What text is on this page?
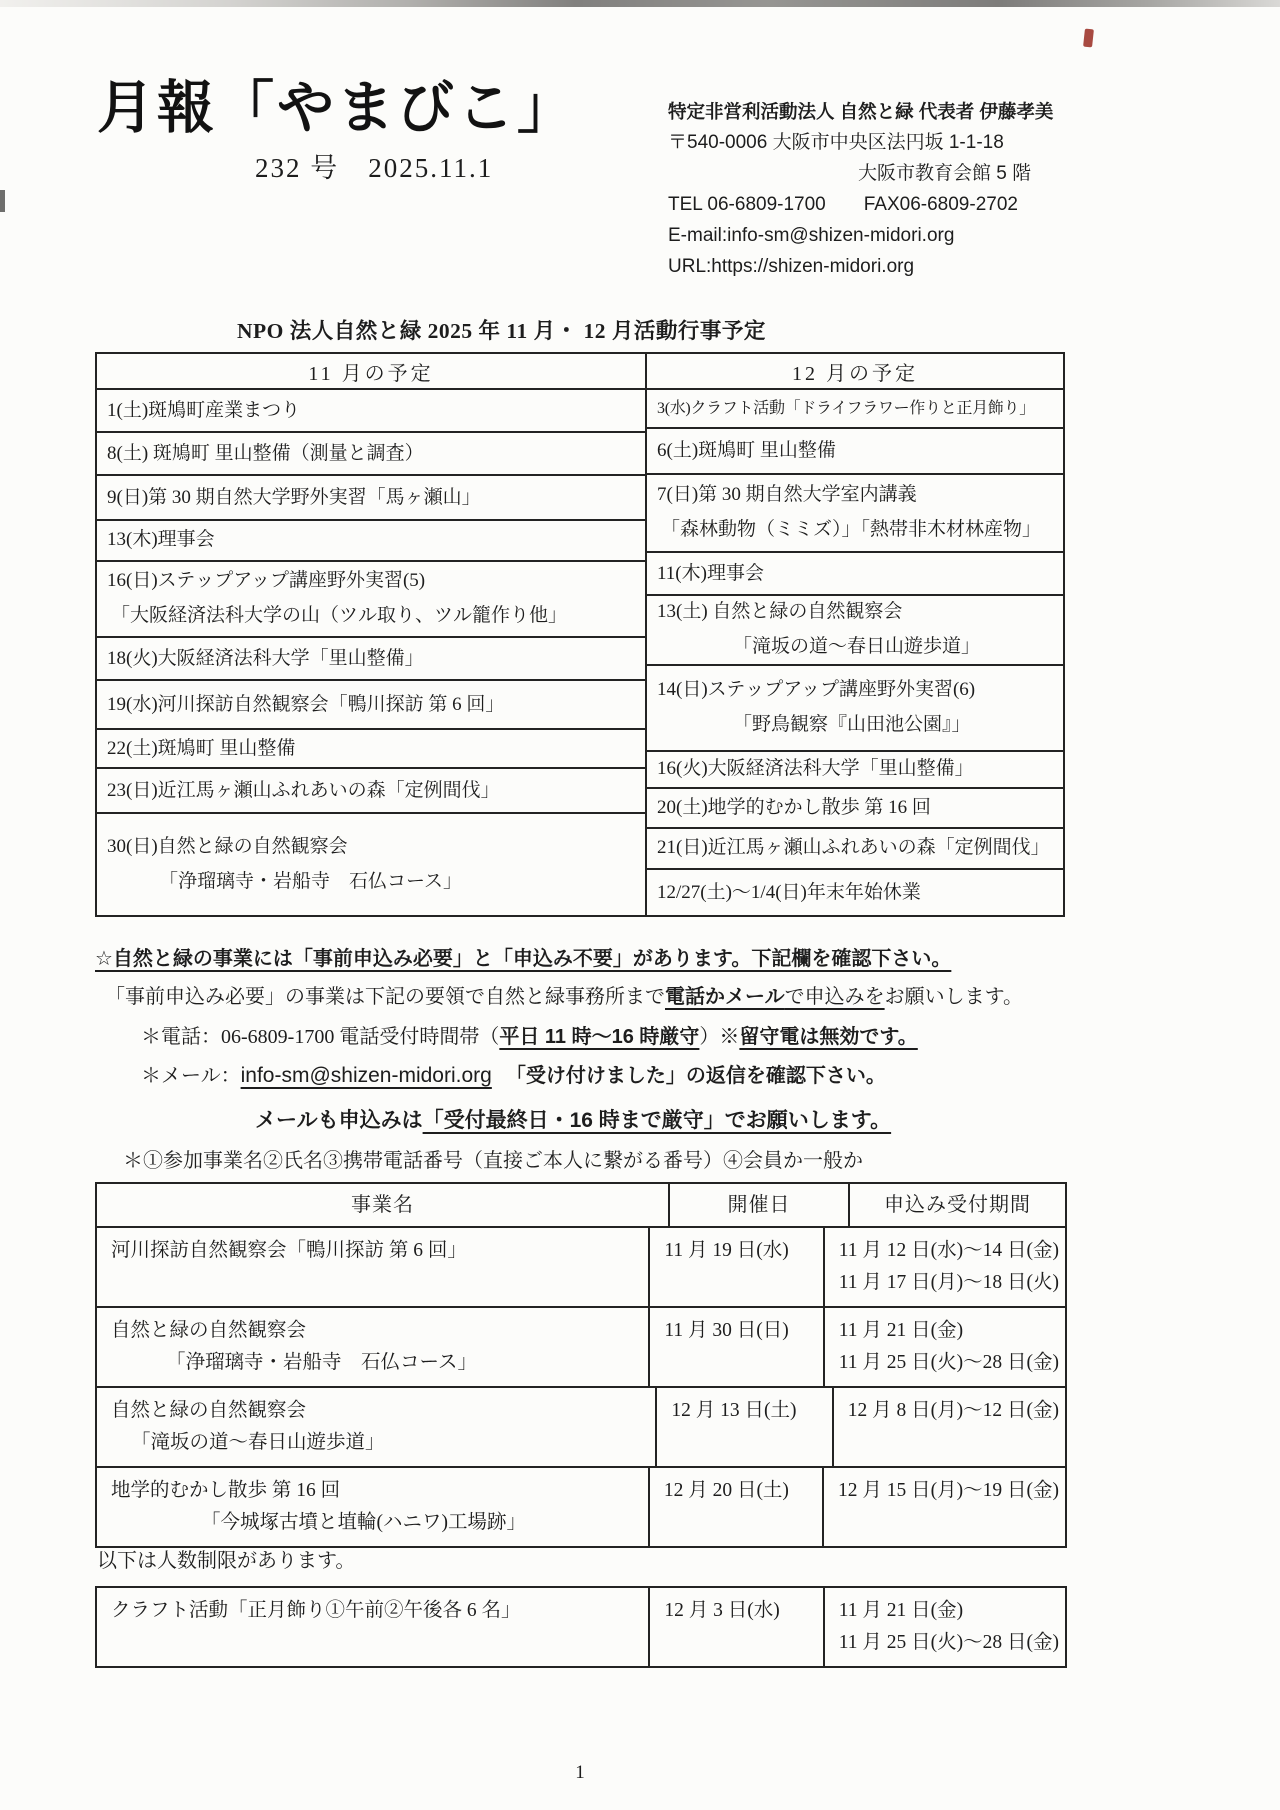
月報「やまびこ」
232 号　2025.11.1
特定非営利活動法人 自然と緑 代表者 伊藤孝美
〒540-0006 大阪市中央区法円坂 1-1-18
大阪市教育会館 5 階
TEL 06-6809-1700　　FAX06-6809-2702
E-mail:info-sm@shizen-midori.org
URL:https://shizen-midori.org
NPO 法人自然と緑 2025 年 11 月・ 12 月活動行事予定
11 月の予定
1(土)斑鳩町産業まつり
8(土) 斑鳩町 里山整備（測量と調査）
9(日)第 30 期自然大学野外実習「馬ヶ瀬山」
13(木)理事会
16(日)ステップアップ講座野外実習(5)
「大阪経済法科大学の山（ツル取り、ツル籠作り他」
18(火)大阪経済法科大学「里山整備」
19(水)河川探訪自然観察会「鴨川探訪 第 6 回」
22(土)斑鳩町 里山整備
23(日)近江馬ヶ瀬山ふれあいの森「定例間伐」
30(日)自然と緑の自然観察会
「浄瑠璃寺・岩船寺　石仏コース」
12 月の予定
3(水)クラフト活動「ドライフラワー作りと正月飾り」
6(土)斑鳩町 里山整備
7(日)第 30 期自然大学室内講義
「森林動物（ミミズ）」「熱帯非木材林産物」
11(木)理事会
13(土) 自然と緑の自然観察会
「滝坂の道～春日山遊歩道」
14(日)ステップアップ講座野外実習(6)
「野鳥観察『山田池公園』」
16(火)大阪経済法科大学「里山整備」
20(土)地学的むかし散歩 第 16 回
21(日)近江馬ヶ瀬山ふれあいの森「定例間伐」
12/27(土)～1/4(日)年末年始休業
☆自然と緑の事業には「事前申込み必要」と「申込み不要」があります。下記欄を確認下さい。
「事前申込み必要」の事業は下記の要領で自然と緑事務所まで電話かメールで申込みをお願いします。
＊電話：06-6809-1700 電話受付時間帯（平日 11 時～16 時厳守）※留守電は無効です。
＊メール：info-sm@shizen-midori.org 「受け付けました」の返信を確認下さい。
メールも申込みは「受付最終日・16 時まで厳守」でお願いします。
＊①参加事業名②氏名③携帯電話番号（直接ご本人に繋がる番号）④会員か一般か
事業名	開催日	申込み受付期間
河川探訪自然観察会「鴨川探訪 第 6 回」	11 月 19 日(水)	11 月 12 日(水)～14 日(金)
11 月 17 日(月)～18 日(火)
自然と緑の自然観察会
「浄瑠璃寺・岩船寺　石仏コース」
11 月 30 日(日)	11 月 21 日(金)
11 月 25 日(火)～28 日(金)
自然と緑の自然観察会
「滝坂の道～春日山遊歩道」
12 月 13 日(土)	12 月 8 日(月)～12 日(金)
地学的むかし散歩 第 16 回
「今城塚古墳と埴輪(ハニワ)工場跡」
12 月 20 日(土)	12 月 15 日(月)～19 日(金)
以下は人数制限があります。
クラフト活動「正月飾り①午前②午後各 6 名」	12 月 3 日(水)	11 月 21 日(金)
11 月 25 日(火)～28 日(金)
1
